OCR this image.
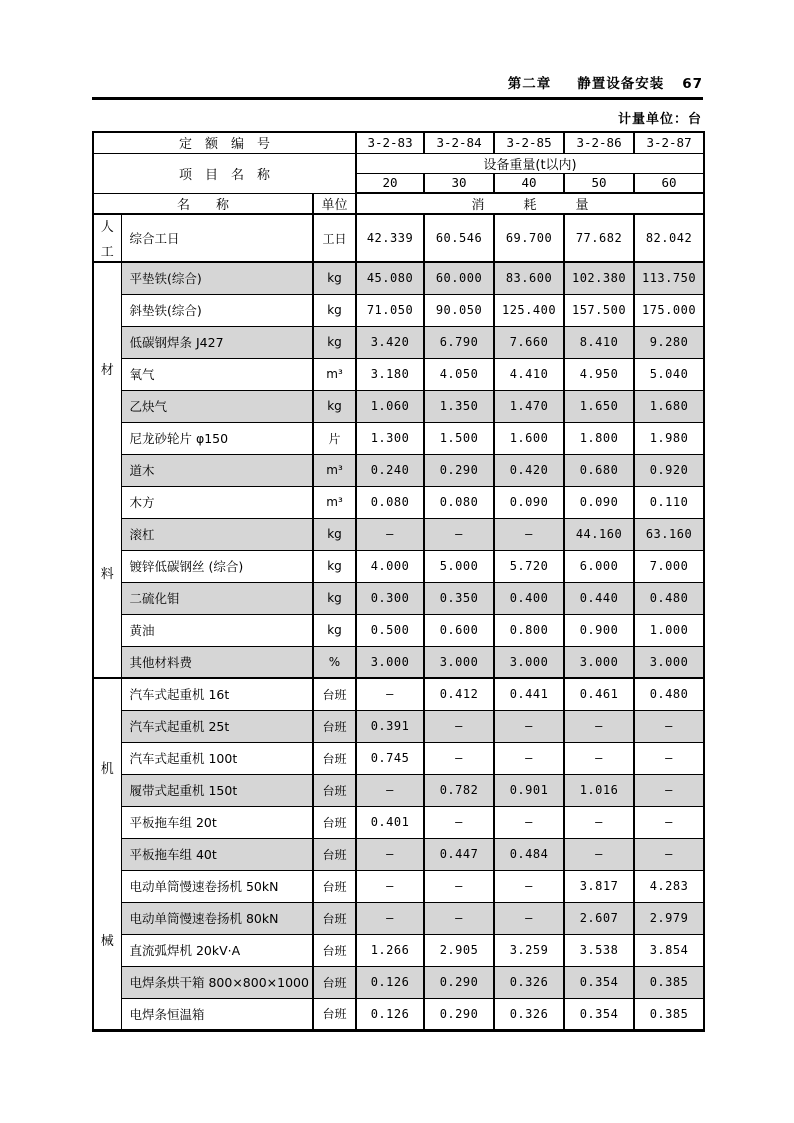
第二章 静置设备安装 67
计量单位：台
定　额　编　号			3-2-83	3-2-84	3-2-85	3-2-86	3-2-87
项　目　名　称			设备重量(t以内)				
			20	30	40	50	60
名　　称		单位	消　　　耗　　　量				

人
工	综合工日	工日	42.339	60.546	69.700	77.682	82.042

材
料	平垫铁(综合)	kg	45.080	60.000	83.600	102.380	113.750
	斜垫铁(综合)	kg	71.050	90.050	125.400	157.500	175.000
	低碳钢焊条 J427	kg	3.420	6.790	7.660	8.410	9.280
	氧气	m³	3.180	4.050	4.410	4.950	5.040
	乙炔气	kg	1.060	1.350	1.470	1.650	1.680
	尼龙砂轮片 φ150	片	1.300	1.500	1.600	1.800	1.980
	道木	m³	0.240	0.290	0.420	0.680	0.920
	木方	m³	0.080	0.080	0.090	0.090	0.110
	滚杠	kg	—	—	—	44.160	63.160
	镀锌低碳钢丝 (综合)	kg	4.000	5.000	5.720	6.000	7.000
	二硫化钼	kg	0.300	0.350	0.400	0.440	0.480
	黄油	kg	0.500	0.600	0.800	0.900	1.000
	其他材料费	%	3.000	3.000	3.000	3.000	3.000

机
械	汽车式起重机 16t	台班	—	0.412	0.441	0.461	0.480
	汽车式起重机 25t	台班	0.391	—	—	—	—
	汽车式起重机 100t	台班	0.745	—	—	—	—
	履带式起重机 150t	台班	—	0.782	0.901	1.016	—
	平板拖车组 20t	台班	0.401	—	—	—	—
	平板拖车组 40t	台班	—	0.447	0.484	—	—
	电动单筒慢速卷扬机 50kN	台班	—	—	—	3.817	4.283
	电动单筒慢速卷扬机 80kN	台班	—	—	—	2.607	2.979
	直流弧焊机 20kV·A	台班	1.266	2.905	3.259	3.538	3.854
	电焊条烘干箱 800×800×1000	台班	0.126	0.290	0.326	0.354	0.385
	电焊条恒温箱	台班	0.126	0.290	0.326	0.354	0.385
